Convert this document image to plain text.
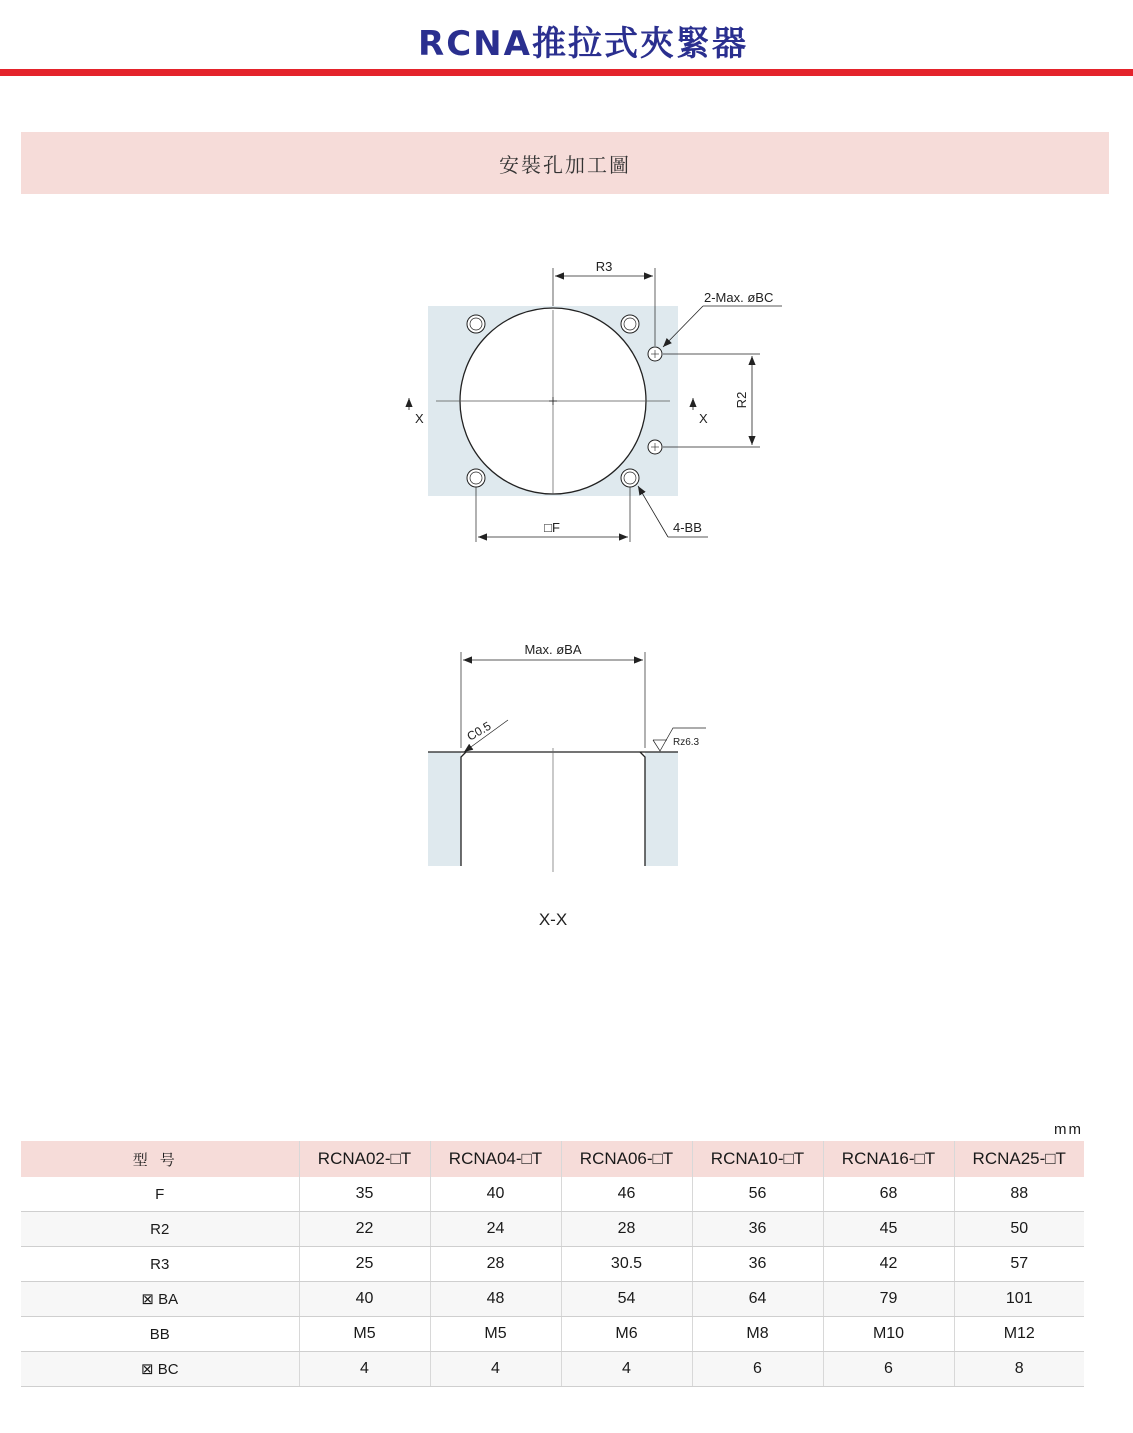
RCNA推拉式夾緊器
安裝孔加工圖
R3
2-Max. øBC
R2
X	X
□F	4-BB
Max. øBA
C0.5	Rz6.3
X-X
mm
型号	RCNA02-□T	RCNA04-□T	RCNA06-□T	RCNA10-□T	RCNA16-□T	RCNA25-□T
F	35	40	46	56	68	88
R2	22	24	28	36	45	50
R3	25	28	30.5	36	42	57
⊠ BA	40	48	54	64	79	101
BB	M5	M5	M6	M8	M10	M12
⊠ BC	4	4	4	6	6	8
